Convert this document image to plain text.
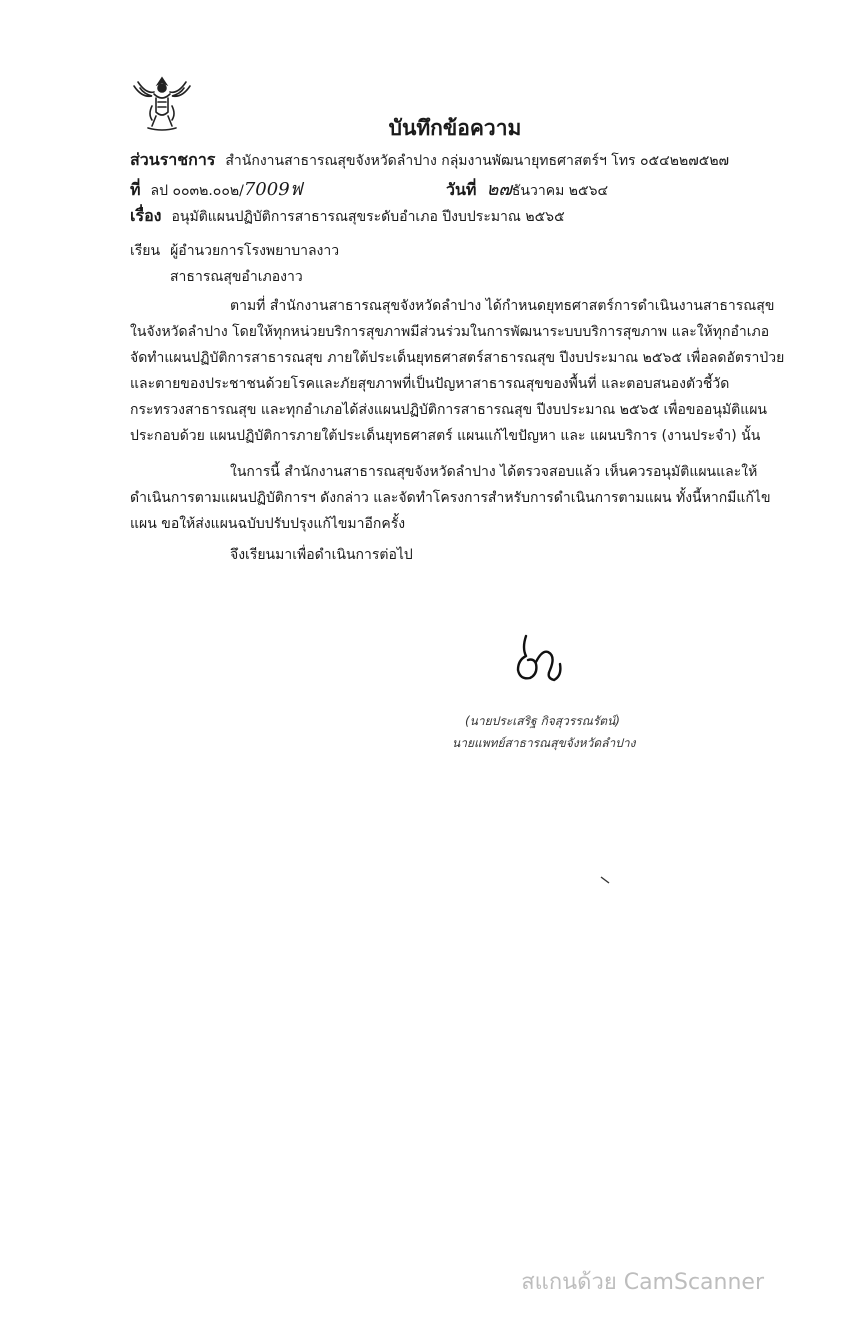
บันทึกข้อความ
ส่วนราชการ สำนักงานสาธารณสุขจังหวัดลำปาง กลุ่มงานพัฒนายุทธศาสตร์ฯ โทร ๐๕๔๒๒๗๕๒๗
ที่ ลป ๐๐๓๒.๐๐๒/7009ฟ	วันที่ ๒๗ธันวาคม ๒๕๖๔
เรื่อง อนุมัติแผนปฏิบัติการสาธารณสุขระดับอำเภอ ปีงบประมาณ ๒๕๖๕
เรียน ผู้อำนวยการโรงพยาบาลงาว
สาธารณสุขอำเภองาว
ตามที่ สำนักงานสาธารณสุขจังหวัดลำปาง ได้กำหนดยุทธศาสตร์การดำเนินงานสาธารณสุข
ในจังหวัดลำปาง โดยให้ทุกหน่วยบริการสุขภาพมีส่วนร่วมในการพัฒนาระบบบริการสุขภาพ และให้ทุกอำเภอ
จัดทำแผนปฏิบัติการสาธารณสุข ภายใต้ประเด็นยุทธศาสตร์สาธารณสุข ปีงบประมาณ ๒๕๖๕ เพื่อลดอัตราป่วย
และตายของประชาชนด้วยโรคและภัยสุขภาพที่เป็นปัญหาสาธารณสุขของพื้นที่ และตอบสนองตัวชี้วัด
กระทรวงสาธารณสุข และทุกอำเภอได้ส่งแผนปฏิบัติการสาธารณสุข ปีงบประมาณ ๒๕๖๕ เพื่อขออนุมัติแผน
ประกอบด้วย แผนปฏิบัติการภายใต้ประเด็นยุทธศาสตร์ แผนแก้ไขปัญหา และ แผนบริการ (งานประจำ) นั้น
ในการนี้ สำนักงานสาธารณสุขจังหวัดลำปาง ได้ตรวจสอบแล้ว เห็นควรอนุมัติแผนและให้
ดำเนินการตามแผนปฏิบัติการฯ ดังกล่าว และจัดทำโครงการสำหรับการดำเนินการตามแผน ทั้งนี้หากมีแก้ไข
แผน ขอให้ส่งแผนฉบับปรับปรุงแก้ไขมาอีกครั้ง
จึงเรียนมาเพื่อดำเนินการต่อไป
(นายประเสริฐ กิจสุวรรณรัตน์)
นายแพทย์สาธารณสุขจังหวัดลำปาง
สแกนด้วย CamScanner
